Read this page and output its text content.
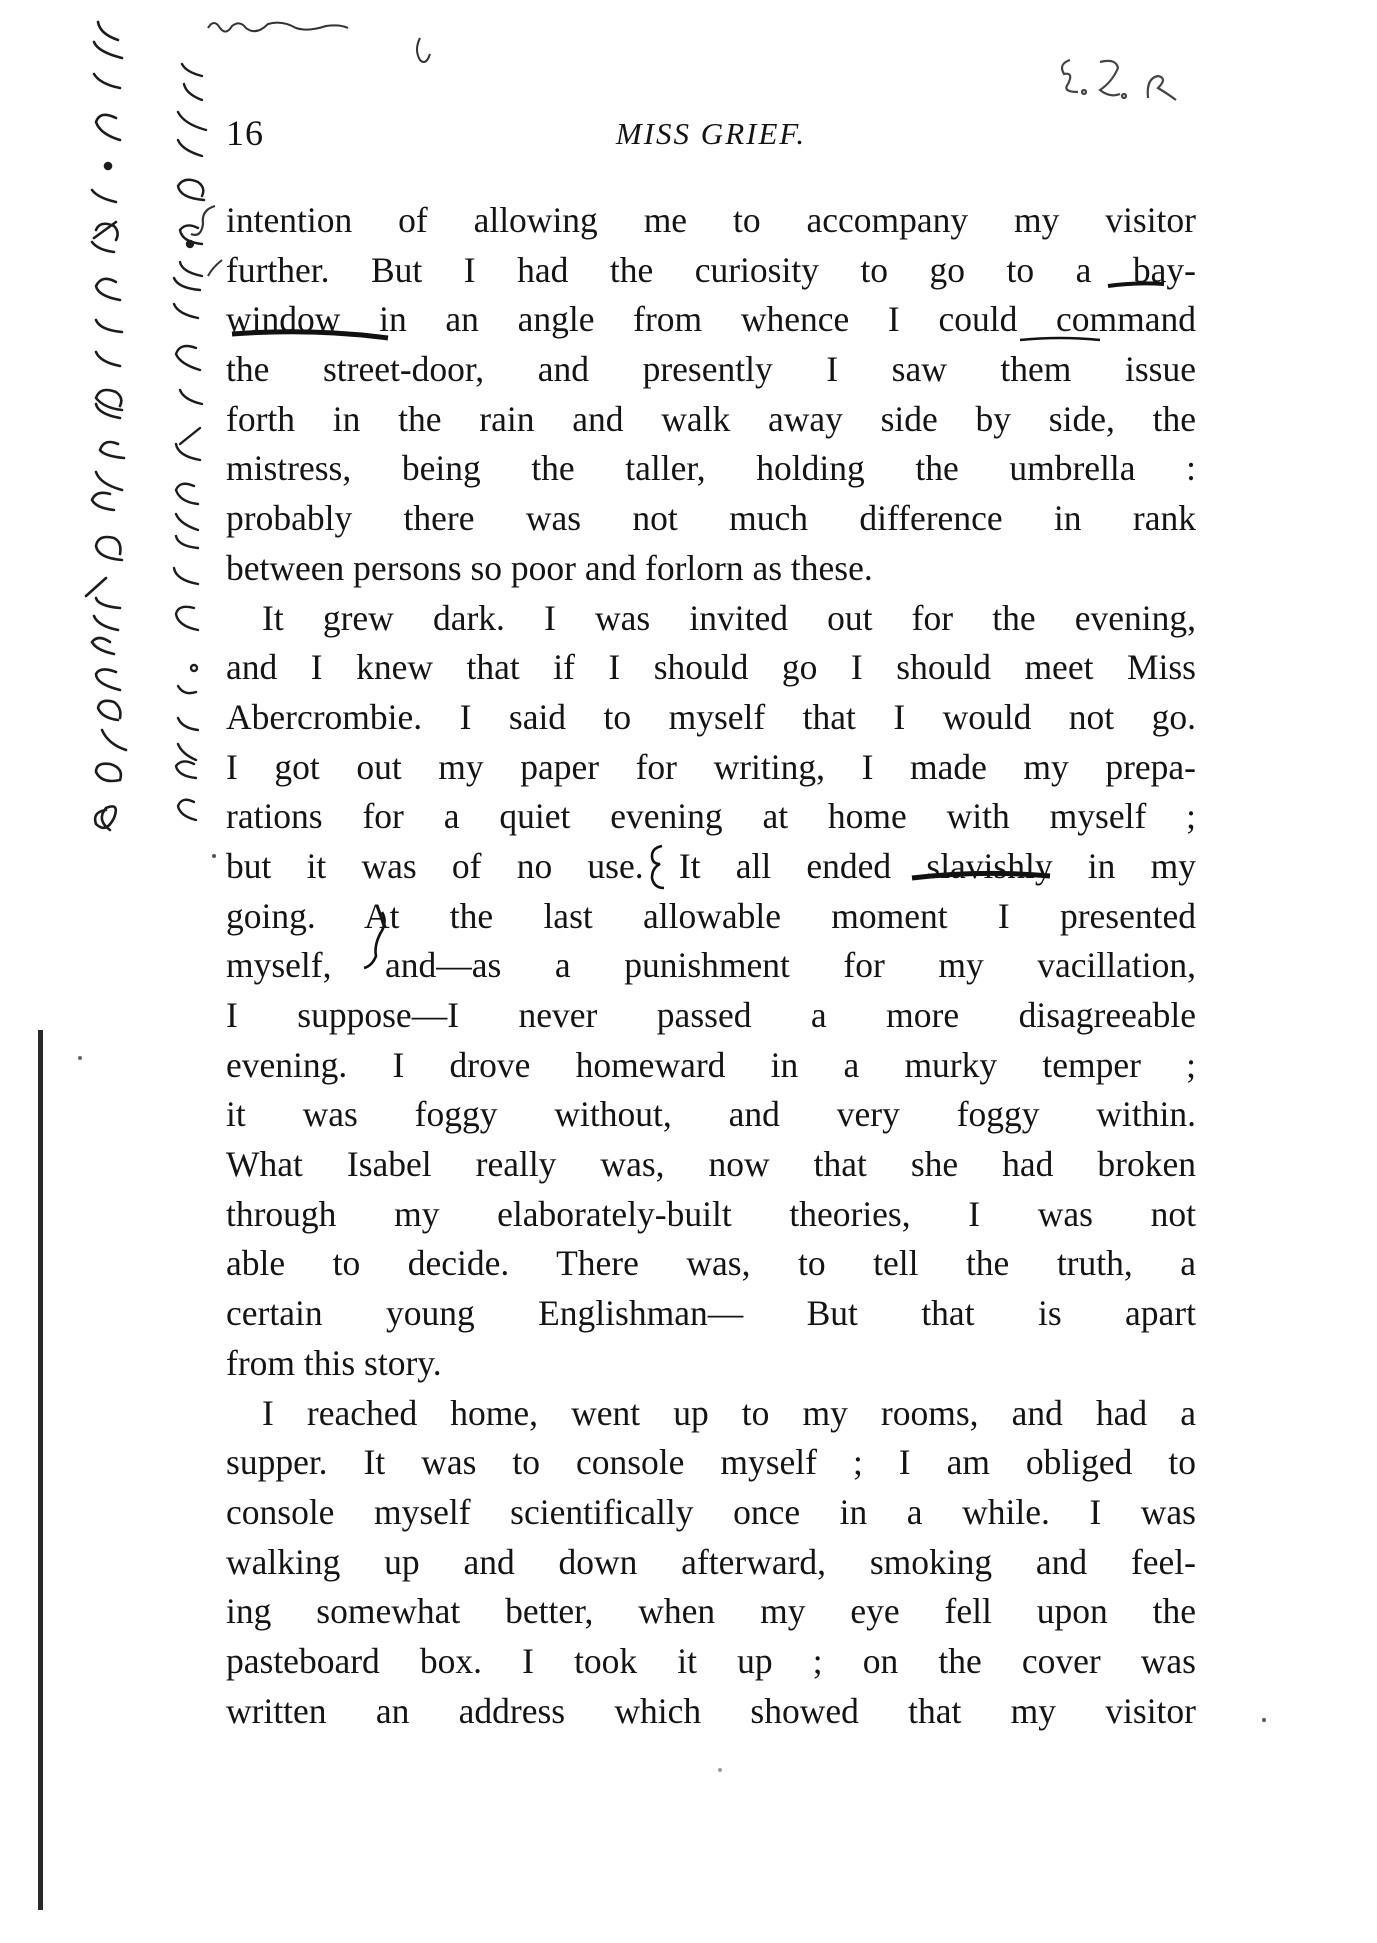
16	MISS GRIEF.
intention of allowing me to accompany my visitor
further. But I had the curiosity to go to a bay-
window in an angle from whence I could command
the street-door, and presently I saw them issue
forth in the rain and walk away side by side, the
mistress, being the taller, holding the umbrella :
probably there was not much difference in rank
between persons so poor and forlorn as these.
It grew dark. I was invited out for the evening,
and I knew that if I should go I should meet Miss
Abercrombie. I said to myself that I would not go.
I got out my paper for writing, I made my prepa-
rations for a quiet evening at home with myself ;
but it was of no use. It all ended slavishly in my
going. At the last allowable moment I presented
myself, and—as a punishment for my vacillation,
I suppose—I never passed a more disagreeable
evening. I drove homeward in a murky temper ;
it was foggy without, and very foggy within.
What Isabel really was, now that she had broken
through my elaborately-built theories, I was not
able to decide. There was, to tell the truth, a
certain young Englishman— But that is apart
from this story.
I reached home, went up to my rooms, and had a
supper. It was to console myself ; I am obliged to
console myself scientifically once in a while. I was
walking up and down afterward, smoking and feel-
ing somewhat better, when my eye fell upon the
pasteboard box. I took it up ; on the cover was
written an address which showed that my visitor
